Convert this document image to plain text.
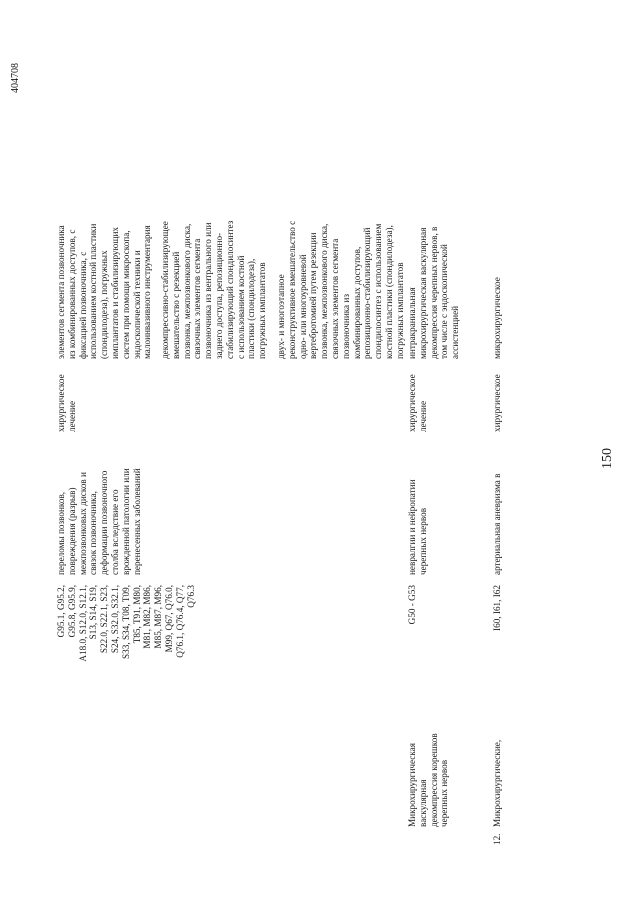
150
404708
G95.1, G95.2,
G95.8, G95.9,
A18.0, S12.0, S12.1,
S13, S14, S19,
S22.0, S22.1, S23,
S24, S32.0, S32.1,
S33, S34, T08, T09,
T85, T91, M80,
M81, M82, M86,
M85, M87, M96,
M99, Q67, Q76.0,
Q76.1, Q76.4, Q77,
Q76.3
переломы позвонков,
повреждения (разрыв)
межпозвонковых дисков и
связок позвоночника,
деформации позвоночного
столба вследствие его
врожденной патологии или
перенесенных заболеваний
хирургическое
лечение
элементов сегмента позвоночника
из комбинированных доступов, с
фиксацией позвоночника, с
использованием костной пластики
(спондилодеза), погружных
имплантатов и стабилизирующих
систем при помощи микроскопа,
эндоскопической техники и
малоинвазивного инструментария декомпрессивно-стабилизирующее
вмешательство с резекцией
позвонка, межпозвонкового диска,
связочных элементов сегмента
позвоночника из вентрального или
заднего доступа, репозиционно-
стабилизирующий спондилосинтез
с использованием костной
пластики (спондилодеза),
погружных имплантатов
двух- и многоэтапное
реконструктивное вмешательство с
одно- или многоуровневой
вертебротомией путем резекции
позвонка, межпозвонкового диска,
связочных элементов сегмента
позвоночника из
комбинированных доступов,
репозиционно-стабилизирующий
спондилосинтез с использованием
костной пластики (спондилодеза),
погружных имплантатов
Микрохирургическая
васкулярная
декомпрессия корешков
черепных нервов
G50 - G53
невралгии и нейропатии
черепных нервов
хирургическое
лечение
интракраниальная
микрохирургическая васкулярная
декомпрессия черепных нервов, в
том числе с эндоскопической
ассистенцией
12.
Микрохирургические,
I60, I61, I62
артериальная аневризма в
хирургическое
микрохирургическое
